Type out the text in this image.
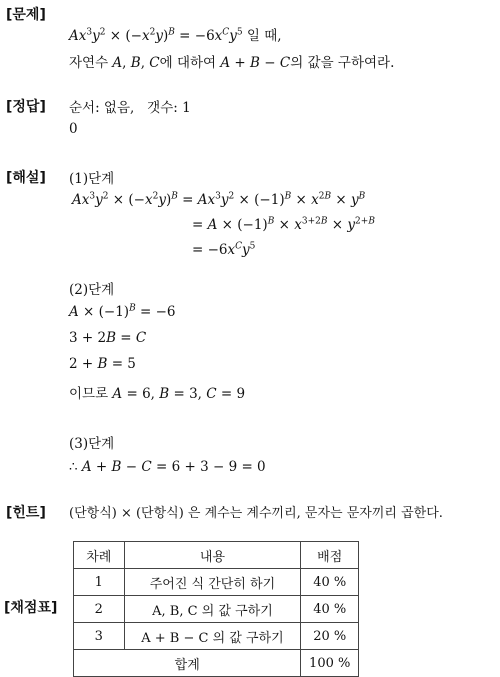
[문제]
[정답]
[해설]
[힌트]
[채점표]
$Ax^3y^2 \times (-x^2y)^B = -6x^Cy^5$ 일 때,
자연수 A, B, C에 대하여 A + B − C의 값을 구하여라.
순서: 없음, 갯수: 1
0
(1)단계
$Ax^3y^2 \times (-x^2y)^B = Ax^3y^2 \times (-1)^B \times x^{2B} \times y^B$
= $A \times (-1)^B \times x^{3+2B} \times y^{2+B}$
= $-6x^Cy^5$
(2)단계
$A \times (-1)^B = -6$
3 + 2B = C
2 + B = 5
이므로 A = 6, B = 3, C = 9
(3)단계
∴ A + B − C = 6 + 3 − 9 = 0
(단항식) × (단항식) 은 계수는 계수끼리, 문자는 문자끼리 곱한다.
차례	내용	배점
1	주어진 식 간단히 하기	40 %
2	A, B, C 의 값 구하기	40 %
3	A + B − C 의 값 구하기	20 %
합계		100 %
